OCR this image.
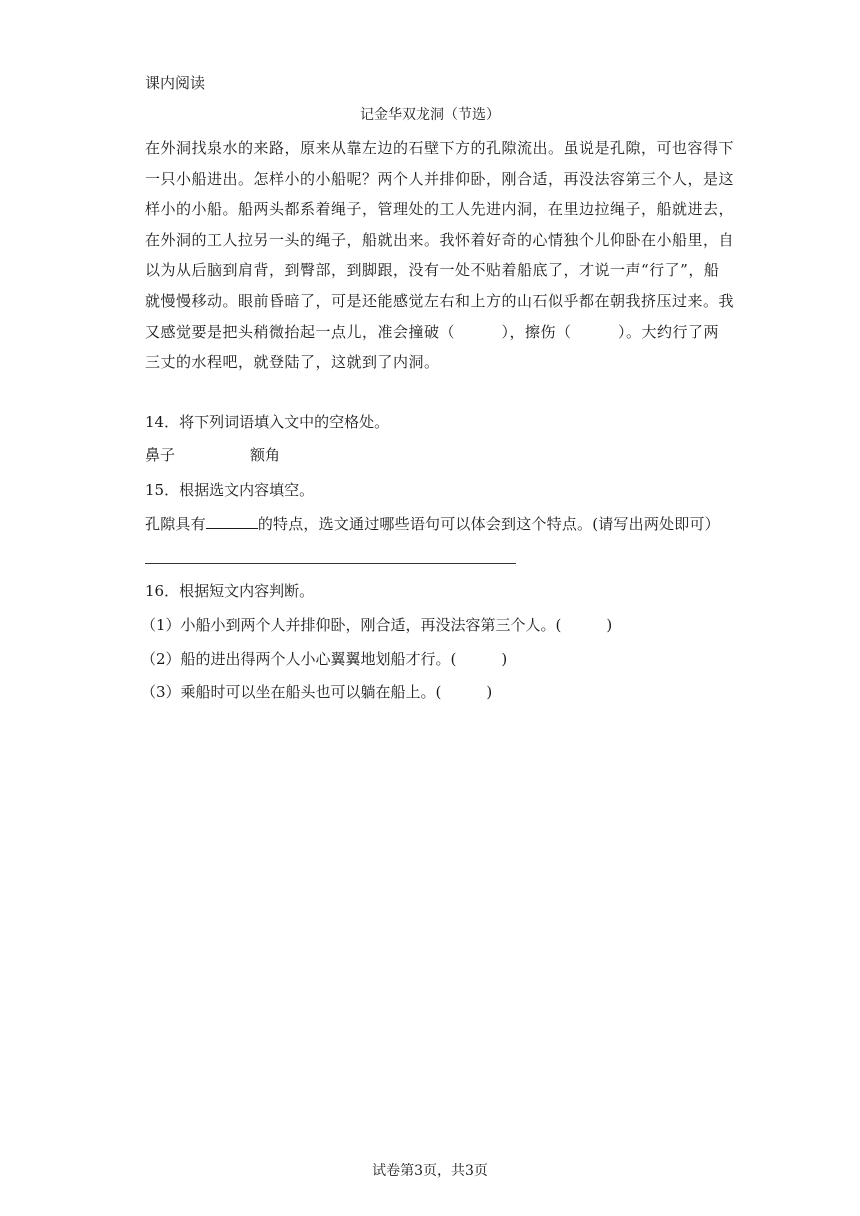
课内阅读
记金华双龙洞（节选）
在外洞找泉水的来路，原来从靠左边的石壁下方的孔隙流出。虽说是孔隙，可也容得下
一只小船进出。怎样小的小船呢？两个人并排仰卧，刚合适，再没法容第三个人，是这
样小的小船。船两头都系着绳子，管理处的工人先进内洞，在里边拉绳子，船就进去，
在外洞的工人拉另一头的绳子，船就出来。我怀着好奇的心情独个儿仰卧在小船里，自
以为从后脑到肩背，到臀部，到脚跟，没有一处不贴着船底了，才说一声“行了”，船
就慢慢移动。眼前昏暗了，可是还能感觉左右和上方的山石似乎都在朝我挤压过来。我
又感觉要是把头稍微抬起一点儿，准会撞破（　　　），擦伤（　　　）。大约行了两
三丈的水程吧，就登陆了，这就到了内洞。
14．将下列词语填入文中的空格处。
鼻子	额角
15．根据选文内容填空。
孔隙具有	的特点，选文通过哪些语句可以体会到这个特点。(请写出两处即可）
16．根据短文内容判断。
（1）小船小到两个人并排仰卧，刚合适，再没法容第三个人。(　　　)
（2）船的进出得两个人小心翼翼地划船才行。(　　　)
（3）乘船时可以坐在船头也可以躺在船上。(　　　)
试卷第3页，共3页
